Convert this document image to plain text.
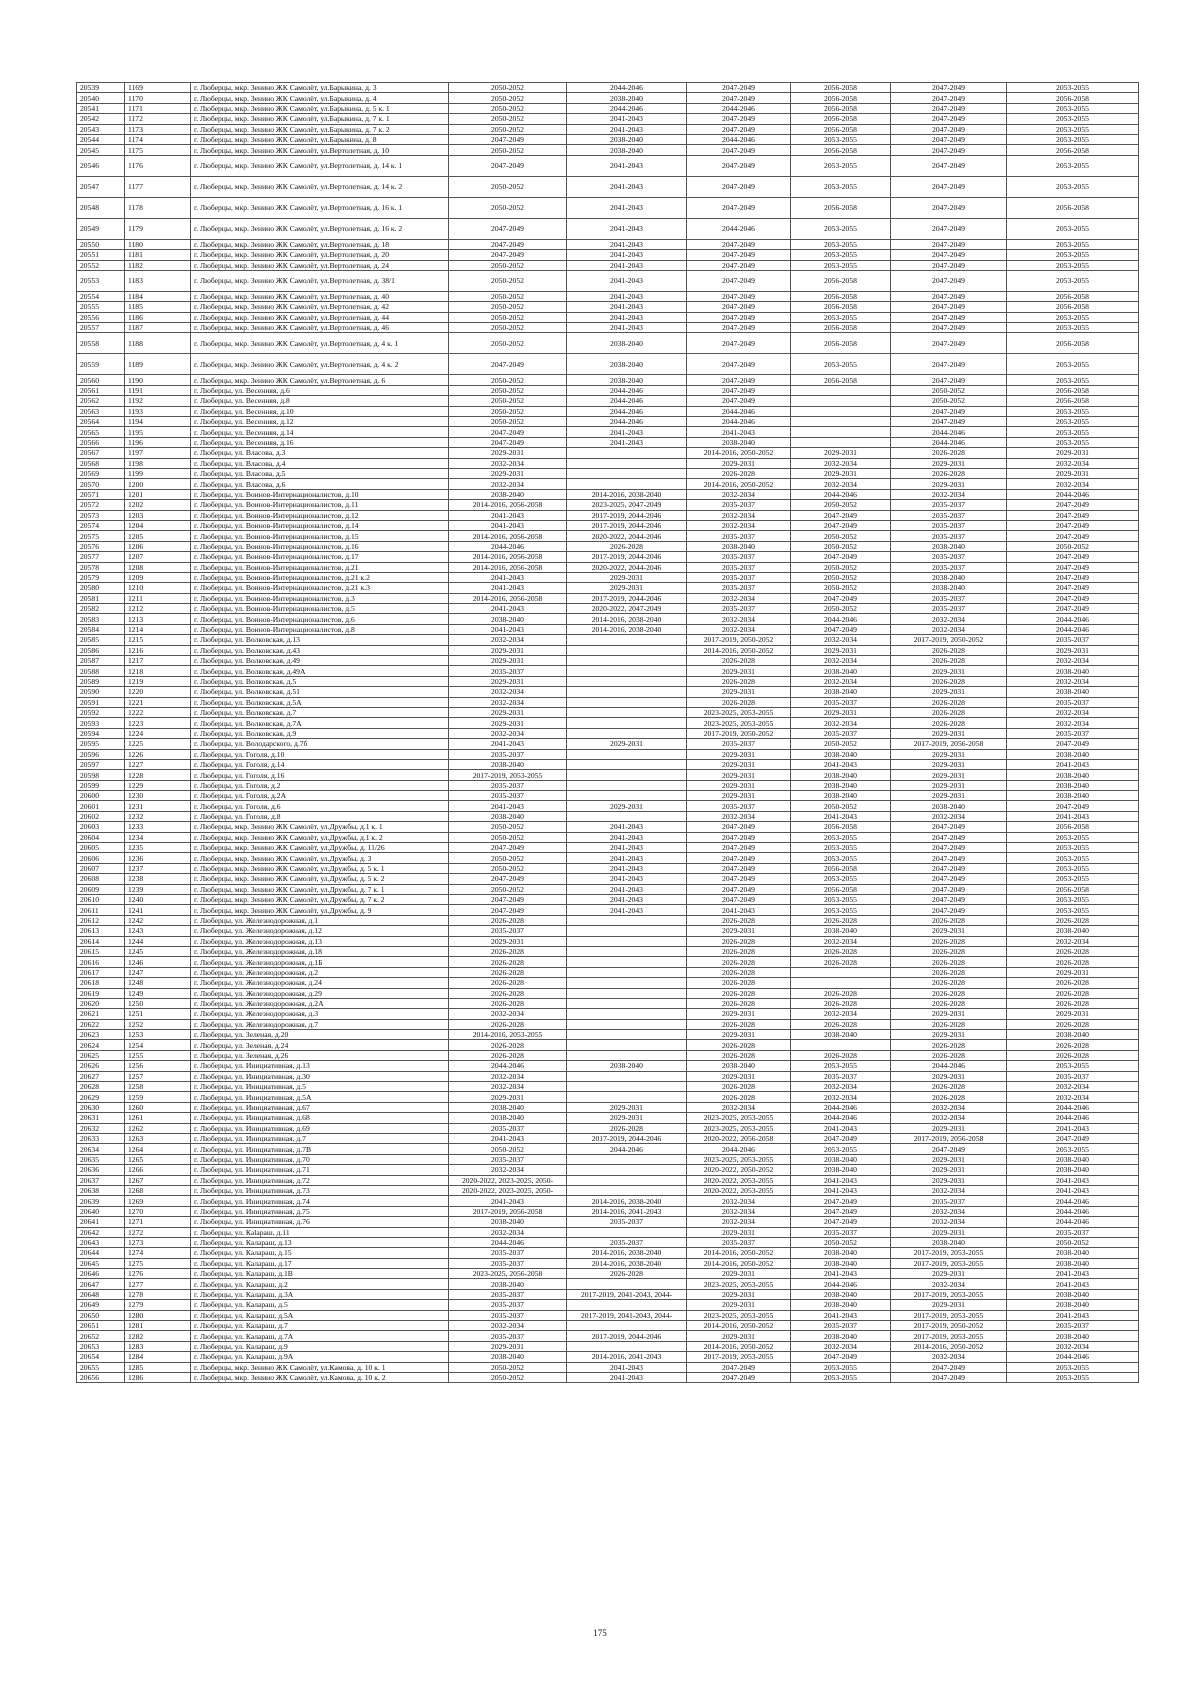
20539	1169	г. Люберцы, мкр. Зенино ЖК Самолёт, ул.Барыкина, д. 3	2050-2052	2044-2046	2047-2049	2056-2058	2047-2049	2053-2055
20540	1170	г. Люберцы, мкр. Зенино ЖК Самолёт, ул.Барыкина, д. 4	2050-2052	2038-2040	2047-2049	2056-2058	2047-2049	2056-2058
20541	1171	г. Люберцы, мкр. Зенино ЖК Самолёт, ул.Барыкина, д. 5 к. 1	2050-2052	2044-2046	2044-2046	2056-2058	2047-2049	2053-2055
20542	1172	г. Люберцы, мкр. Зенино ЖК Самолёт, ул.Барыкина, д. 7 к. 1	2050-2052	2041-2043	2047-2049	2056-2058	2047-2049	2053-2055
20543	1173	г. Люберцы, мкр. Зенино ЖК Самолёт, ул.Барыкина, д. 7 к. 2	2050-2052	2041-2043	2047-2049	2056-2058	2047-2049	2053-2055
20544	1174	г. Люберцы, мкр. Зенино ЖК Самолёт, ул.Барыкина, д. 8	2047-2049	2038-2040	2044-2046	2053-2055	2047-2049	2053-2055
20545	1175	г. Люберцы, мкр. Зенино ЖК Самолёт, ул.Вертолетная, д. 10	2050-2052	2038-2040	2047-2049	2056-2058	2047-2049	2056-2058
20546	1176	г. Люберцы, мкр. Зенино ЖК Самолёт, ул.Вертолетная, д. 14 к. 1	2047-2049	2041-2043	2047-2049	2053-2055	2047-2049	2053-2055
20547	1177	г. Люберцы, мкр. Зенино ЖК Самолёт, ул.Вертолетная, д. 14 к. 2	2050-2052	2041-2043	2047-2049	2053-2055	2047-2049	2053-2055
20548	1178	г. Люберцы, мкр. Зенино ЖК Самолёт, ул.Вертолетная, д. 16 к. 1	2050-2052	2041-2043	2047-2049	2056-2058	2047-2049	2056-2058
20549	1179	г. Люберцы, мкр. Зенино ЖК Самолёт, ул.Вертолетная, д. 16 к. 2	2047-2049	2041-2043	2044-2046	2053-2055	2047-2049	2053-2055
20550	1180	г. Люберцы, мкр. Зенино ЖК Самолёт, ул.Вертолетная, д. 18	2047-2049	2041-2043	2047-2049	2053-2055	2047-2049	2053-2055
20551	1181	г. Люберцы, мкр. Зенино ЖК Самолёт, ул.Вертолетная, д. 20	2047-2049	2041-2043	2047-2049	2053-2055	2047-2049	2053-2055
20552	1182	г. Люберцы, мкр. Зенино ЖК Самолёт, ул.Вертолетная, д. 24	2050-2052	2041-2043	2047-2049	2053-2055	2047-2049	2053-2055
20553	1183	г. Люберцы, мкр. Зенино ЖК Самолёт, ул.Вертолетная, д. 38/1	2050-2052	2041-2043	2047-2049	2056-2058	2047-2049	2053-2055
20554	1184	г. Люберцы, мкр. Зенино ЖК Самолёт, ул.Вертолетная, д. 40	2050-2052	2041-2043	2047-2049	2056-2058	2047-2049	2056-2058
20555	1185	г. Люберцы, мкр. Зенино ЖК Самолёт, ул.Вертолетная, д. 42	2050-2052	2041-2043	2047-2049	2056-2058	2047-2049	2056-2058
20556	1186	г. Люберцы, мкр. Зенино ЖК Самолёт, ул.Вертолетная, д. 44	2050-2052	2041-2043	2047-2049	2053-2055	2047-2049	2053-2055
20557	1187	г. Люберцы, мкр. Зенино ЖК Самолёт, ул.Вертолетная, д. 46	2050-2052	2041-2043	2047-2049	2056-2058	2047-2049	2053-2055
20558	1188	г. Люберцы, мкр. Зенино ЖК Самолёт, ул.Вертолетная, д. 4 к. 1	2050-2052	2038-2040	2047-2049	2056-2058	2047-2049	2056-2058
20559	1189	г. Люберцы, мкр. Зенино ЖК Самолёт, ул.Вертолетная, д. 4 к. 2	2047-2049	2038-2040	2047-2049	2053-2055	2047-2049	2053-2055
20560	1190	г. Люберцы, мкр. Зенино ЖК Самолёт, ул.Вертолетная, д. 6	2050-2052	2038-2040	2047-2049	2056-2058	2047-2049	2053-2055
20561	1191	г. Люберцы, ул. Весенняя, д.6	2050-2052	2044-2046	2047-2049		2050-2052	2056-2058
20562	1192	г. Люберцы, ул. Весенняя, д.8	2050-2052	2044-2046	2047-2049		2050-2052	2056-2058
20563	1193	г. Люберцы, ул. Весенняя, д.10	2050-2052	2044-2046	2044-2046		2047-2049	2053-2055
20564	1194	г. Люберцы, ул. Весенняя, д.12	2050-2052	2044-2046	2044-2046		2047-2049	2053-2055
20565	1195	г. Люберцы, ул. Весенняя, д.14	2047-2049	2041-2043	2041-2043		2044-2046	2053-2055
20566	1196	г. Люберцы, ул. Весенняя, д.16	2047-2049	2041-2043	2038-2040		2044-2046	2053-2055
20567	1197	г. Люберцы, ул. Власова, д.3	2029-2031		2014-2016, 2050-2052	2029-2031	2026-2028	2029-2031
20568	1198	г. Люберцы, ул. Власова, д.4	2032-2034		2029-2031	2032-2034	2029-2031	2032-2034
20569	1199	г. Люберцы, ул. Власова, д.5	2029-2031		2026-2028	2029-2031	2026-2028	2029-2031
20570	1200	г. Люберцы, ул. Власова, д.6	2032-2034		2014-2016, 2050-2052	2032-2034	2029-2031	2032-2034
20571	1201	г. Люберцы, ул. Воинов-Интернационалистов, д.10	2038-2040	2014-2016, 2038-2040	2032-2034	2044-2046	2032-2034	2044-2046
20572	1202	г. Люберцы, ул. Воинов-Интернационалистов, д.11	2014-2016, 2056-2058	2023-2025, 2047-2049	2035-2037	2050-2052	2035-2037	2047-2049
20573	1203	г. Люберцы, ул. Воинов-Интернационалистов, д.12	2041-2043	2017-2019, 2044-2046	2032-2034	2047-2049	2035-2037	2047-2049
20574	1204	г. Люберцы, ул. Воинов-Интернационалистов, д.14	2041-2043	2017-2019, 2044-2046	2032-2034	2047-2049	2035-2037	2047-2049
20575	1205	г. Люберцы, ул. Воинов-Интернационалистов, д.15	2014-2016, 2056-2058	2020-2022, 2044-2046	2035-2037	2050-2052	2035-2037	2047-2049
20576	1206	г. Люберцы, ул. Воинов-Интернационалистов, д.16	2044-2046	2026-2028	2038-2040	2050-2052	2038-2040	2050-2052
20577	1207	г. Люберцы, ул. Воинов-Интернационалистов, д.17	2014-2016, 2056-2058	2017-2019, 2044-2046	2035-2037	2047-2049	2035-2037	2047-2049
20578	1208	г. Люберцы, ул. Воинов-Интернационалистов, д.21	2014-2016, 2056-2058	2020-2022, 2044-2046	2035-2037	2050-2052	2035-2037	2047-2049
20579	1209	г. Люберцы, ул. Воинов-Интернационалистов, д.21 к.2	2041-2043	2029-2031	2035-2037	2050-2052	2038-2040	2047-2049
20580	1210	г. Люберцы, ул. Воинов-Интернационалистов, д.21 к.3	2041-2043	2029-2031	2035-2037	2050-2052	2038-2040	2047-2049
20581	1211	г. Люберцы, ул. Воинов-Интернационалистов, д.3	2014-2016, 2056-2058	2017-2019, 2044-2046	2032-2034	2047-2049	2035-2037	2047-2049
20582	1212	г. Люберцы, ул. Воинов-Интернационалистов, д.5	2041-2043	2020-2022, 2047-2049	2035-2037	2050-2052	2035-2037	2047-2049
20583	1213	г. Люберцы, ул. Воинов-Интернационалистов, д.6	2038-2040	2014-2016, 2038-2040	2032-2034	2044-2046	2032-2034	2044-2046
20584	1214	г. Люберцы, ул. Воинов-Интернационалистов, д.8	2041-2043	2014-2016, 2038-2040	2032-2034	2047-2049	2032-2034	2044-2046
20585	1215	г. Люберцы, ул. Волковская, д.13	2032-2034		2017-2019, 2050-2052	2032-2034	2017-2019, 2050-2052	2035-2037
20586	1216	г. Люберцы, ул. Волковская, д.43	2029-2031		2014-2016, 2050-2052	2029-2031	2026-2028	2029-2031
20587	1217	г. Люберцы, ул. Волковская, д.49	2029-2031		2026-2028	2032-2034	2026-2028	2032-2034
20588	1218	г. Люберцы, ул. Волковская, д.49А	2035-2037		2029-2031	2038-2040	2029-2031	2038-2040
20589	1219	г. Люберцы, ул. Волковская, д.5	2029-2031		2026-2028	2032-2034	2026-2028	2032-2034
20590	1220	г. Люберцы, ул. Волковская, д.51	2032-2034		2029-2031	2038-2040	2029-2031	2038-2040
20591	1221	г. Люберцы, ул. Волковская, д.5А	2032-2034		2026-2028	2035-2037	2026-2028	2035-2037
20592	1222	г. Люберцы, ул. Волковская, д.7	2029-2031		2023-2025, 2053-2055	2029-2031	2026-2028	2032-2034
20593	1223	г. Люберцы, ул. Волковская, д.7А	2029-2031		2023-2025, 2053-2055	2032-2034	2026-2028	2032-2034
20594	1224	г. Люберцы, ул. Волковская, д.9	2032-2034		2017-2019, 2050-2052	2035-2037	2029-2031	2035-2037
20595	1225	г. Люберцы, ул. Володарского, д.7б	2041-2043	2029-2031	2035-2037	2050-2052	2017-2019, 2056-2058	2047-2049
20596	1226	г. Люберцы, ул. Гоголя, д.10	2035-2037		2029-2031	2038-2040	2029-2031	2038-2040
20597	1227	г. Люберцы, ул. Гоголя, д.14	2038-2040		2029-2031	2041-2043	2029-2031	2041-2043
20598	1228	г. Люберцы, ул. Гоголя, д.16	2017-2019, 2053-2055		2029-2031	2038-2040	2029-2031	2038-2040
20599	1229	г. Люберцы, ул. Гоголя, д.2	2035-2037		2029-2031	2038-2040	2029-2031	2038-2040
20600	1230	г. Люберцы, ул. Гоголя, д.2А	2035-2037		2029-2031	2038-2040	2029-2031	2038-2040
20601	1231	г. Люберцы, ул. Гоголя, д.6	2041-2043	2029-2031	2035-2037	2050-2052	2038-2040	2047-2049
20602	1232	г. Люберцы, ул. Гоголя, д.8	2038-2040		2032-2034	2041-2043	2032-2034	2041-2043
20603	1233	г. Люберцы, мкр. Зенино ЖК Самолёт, ул.Дружбы, д.1 к. 1	2050-2052	2041-2043	2047-2049	2056-2058	2047-2049	2056-2058
20604	1234	г. Люберцы, мкр. Зенино ЖК Самолёт, ул.Дружбы, д.1 к. 2	2050-2052	2041-2043	2047-2049	2053-2055	2047-2049	2053-2055
20605	1235	г. Люберцы, мкр. Зенино ЖК Самолёт, ул.Дружбы, д. 11/26	2047-2049	2041-2043	2047-2049	2053-2055	2047-2049	2053-2055
20606	1236	г. Люберцы, мкр. Зенино ЖК Самолёт, ул.Дружбы, д. 3	2050-2052	2041-2043	2047-2049	2053-2055	2047-2049	2053-2055
20607	1237	г. Люберцы, мкр. Зенино ЖК Самолёт, ул.Дружбы, д. 5 к. 1	2050-2052	2041-2043	2047-2049	2056-2058	2047-2049	2053-2055
20608	1238	г. Люберцы, мкр. Зенино ЖК Самолёт, ул.Дружбы, д. 5 к. 2	2047-2049	2041-2043	2047-2049	2053-2055	2047-2049	2053-2055
20609	1239	г. Люберцы, мкр. Зенино ЖК Самолёт, ул.Дружбы, д. 7 к. 1	2050-2052	2041-2043	2047-2049	2056-2058	2047-2049	2056-2058
20610	1240	г. Люберцы, мкр. Зенино ЖК Самолёт, ул.Дружбы, д. 7 к. 2	2047-2049	2041-2043	2047-2049	2053-2055	2047-2049	2053-2055
20611	1241	г. Люберцы, мкр. Зенино ЖК Самолёт, ул.Дружбы, д. 9	2047-2049	2041-2043	2041-2043	2053-2055	2047-2049	2053-2055
20612	1242	г. Люберцы, ул. Железнодорожная, д.1	2026-2028		2026-2028	2026-2028	2026-2028	2026-2028
20613	1243	г. Люберцы, ул. Железнодорожная, д.12	2035-2037		2029-2031	2038-2040	2029-2031	2038-2040
20614	1244	г. Люберцы, ул. Железнодорожная, д.13	2029-2031		2026-2028	2032-2034	2026-2028	2032-2034
20615	1245	г. Люберцы, ул. Железнодорожная, д.18	2026-2028		2026-2028	2026-2028	2026-2028	2026-2028
20616	1246	г. Люберцы, ул. Железнодорожная, д.1Б	2026-2028		2026-2028	2026-2028	2026-2028	2026-2028
20617	1247	г. Люберцы, ул. Железнодорожная, д.2	2026-2028		2026-2028		2026-2028	2029-2031
20618	1248	г. Люберцы, ул. Железнодорожная, д.24	2026-2028		2026-2028		2026-2028	2026-2028
20619	1249	г. Люберцы, ул. Железнодорожная, д.29	2026-2028		2026-2028	2026-2028	2026-2028	2026-2028
20620	1250	г. Люберцы, ул. Железнодорожная, д.2А	2026-2028		2026-2028	2026-2028	2026-2028	2026-2028
20621	1251	г. Люберцы, ул. Железнодорожная, д.3	2032-2034		2029-2031	2032-2034	2029-2031	2029-2031
20622	1252	г. Люберцы, ул. Железнодорожная, д.7	2026-2028		2026-2028	2026-2028	2026-2028	2026-2028
20623	1253	г. Люберцы, ул. Зеленая, д.20	2014-2016, 2053-2055		2029-2031	2038-2040	2029-2031	2038-2040
20624	1254	г. Люберцы, ул. Зеленая, д.24	2026-2028		2026-2028		2026-2028	2026-2028
20625	1255	г. Люберцы, ул. Зеленая, д.26	2026-2028		2026-2028	2026-2028	2026-2028	2026-2028
20626	1256	г. Люберцы, ул. Инициативная, д.13	2044-2046	2038-2040	2038-2040	2053-2055	2044-2046	2053-2055
20627	1257	г. Люберцы, ул. Инициативная, д.30	2032-2034		2029-2031	2035-2037	2029-2031	2035-2037
20628	1258	г. Люберцы, ул. Инициативная, д.5	2032-2034		2026-2028	2032-2034	2026-2028	2032-2034
20629	1259	г. Люберцы, ул. Инициативная, д.5А	2029-2031		2026-2028	2032-2034	2026-2028	2032-2034
20630	1260	г. Люберцы, ул. Инициативная, д.67	2038-2040	2029-2031	2032-2034	2044-2046	2032-2034	2044-2046
20631	1261	г. Люберцы, ул. Инициативная, д.68	2038-2040	2029-2031	2023-2025, 2053-2055	2044-2046	2032-2034	2044-2046
20632	1262	г. Люберцы, ул. Инициативная, д.69	2035-2037	2026-2028	2023-2025, 2053-2055	2041-2043	2029-2031	2041-2043
20633	1263	г. Люберцы, ул. Инициативная, д.7	2041-2043	2017-2019, 2044-2046	2020-2022, 2056-2058	2047-2049	2017-2019, 2056-2058	2047-2049
20634	1264	г. Люберцы, ул. Инициативная, д.7В	2050-2052	2044-2046	2044-2046	2053-2055	2047-2049	2053-2055
20635	1265	г. Люберцы, ул. Инициативная, д.70	2035-2037		2023-2025, 2053-2055	2038-2040	2029-2031	2038-2040
20636	1266	г. Люберцы, ул. Инициативная, д.71	2032-2034		2020-2022, 2050-2052	2038-2040	2029-2031	2038-2040
20637	1267	г. Люберцы, ул. Инициативная, д.72	2020-2022, 2023-2025, 2050-		2020-2022, 2053-2055	2041-2043	2029-2031	2041-2043
20638	1268	г. Люберцы, ул. Инициативная, д.73	2020-2022, 2023-2025, 2050-		2020-2022, 2053-2055	2041-2043	2032-2034	2041-2043
20639	1269	г. Люберцы, ул. Инициативная, д.74	2041-2043	2014-2016, 2038-2040	2032-2034	2047-2049	2035-2037	2044-2046
20640	1270	г. Люберцы, ул. Инициативная, д.75	2017-2019, 2056-2058	2014-2016, 2041-2043	2032-2034	2047-2049	2032-2034	2044-2046
20641	1271	г. Люберцы, ул. Инициативная, д.76	2038-2040	2035-2037	2032-2034	2047-2049	2032-2034	2044-2046
20642	1272	г. Люберцы, ул. Кalaрaш, д.11	2032-2034		2029-2031	2035-2037	2029-2031	2035-2037
20643	1273	г. Люберцы, ул. Калараш, д.13	2044-2046	2035-2037	2035-2037	2050-2052	2038-2040	2050-2052
20644	1274	г. Люберцы, ул. Калараш, д.15	2035-2037	2014-2016, 2038-2040	2014-2016, 2050-2052	2038-2040	2017-2019, 2053-2055	2038-2040
20645	1275	г. Люберцы, ул. Калараш, д.17	2035-2037	2014-2016, 2038-2040	2014-2016, 2050-2052	2038-2040	2017-2019, 2053-2055	2038-2040
20646	1276	г. Люберцы, ул. Калараш, д.1В	2023-2025, 2056-2058	2026-2028	2029-2031	2041-2043	2029-2031	2041-2043
20647	1277	г. Люберцы, ул. Калараш, д.2	2038-2040		2023-2025, 2053-2055	2044-2046	2032-2034	2041-2043
20648	1278	г. Люберцы, ул. Калараш, д.3А	2035-2037	2017-2019, 2041-2043, 2044-	2029-2031	2038-2040	2017-2019, 2053-2055	2038-2040
20649	1279	г. Люберцы, ул. Калараш, д.5	2035-2037		2029-2031	2038-2040	2029-2031	2038-2040
20650	1280	г. Люберцы, ул. Калараш, д.5А	2035-2037	2017-2019, 2041-2043, 2044-	2023-2025, 2053-2055	2041-2043	2017-2019, 2053-2055	2041-2043
20651	1281	г. Люберцы, ул. Калараш, д.7	2032-2034		2014-2016, 2050-2052	2035-2037	2017-2019, 2050-2052	2035-2037
20652	1282	г. Люберцы, ул. Калараш, д.7А	2035-2037	2017-2019, 2044-2046	2029-2031	2038-2040	2017-2019, 2053-2055	2038-2040
20653	1283	г. Люберцы, ул. Калараш, д.9	2029-2031		2014-2016, 2050-2052	2032-2034	2014-2016, 2050-2052	2032-2034
20654	1284	г. Люберцы, ул. Калараш, д.9А	2038-2040	2014-2016, 2041-2043	2017-2019, 2053-2055	2047-2049	2032-2034	2044-2046
20655	1285	г. Люберцы, мкр. Зенино ЖК Самолёт, ул.Камова, д. 10 к. 1	2050-2052	2041-2043	2047-2049	2053-2055	2047-2049	2053-2055
20656	1286	г. Люберцы, мкр. Зенино ЖК Самолёт, ул.Камова, д. 10 к. 2	2050-2052	2041-2043	2047-2049	2053-2055	2047-2049	2053-2055
175
